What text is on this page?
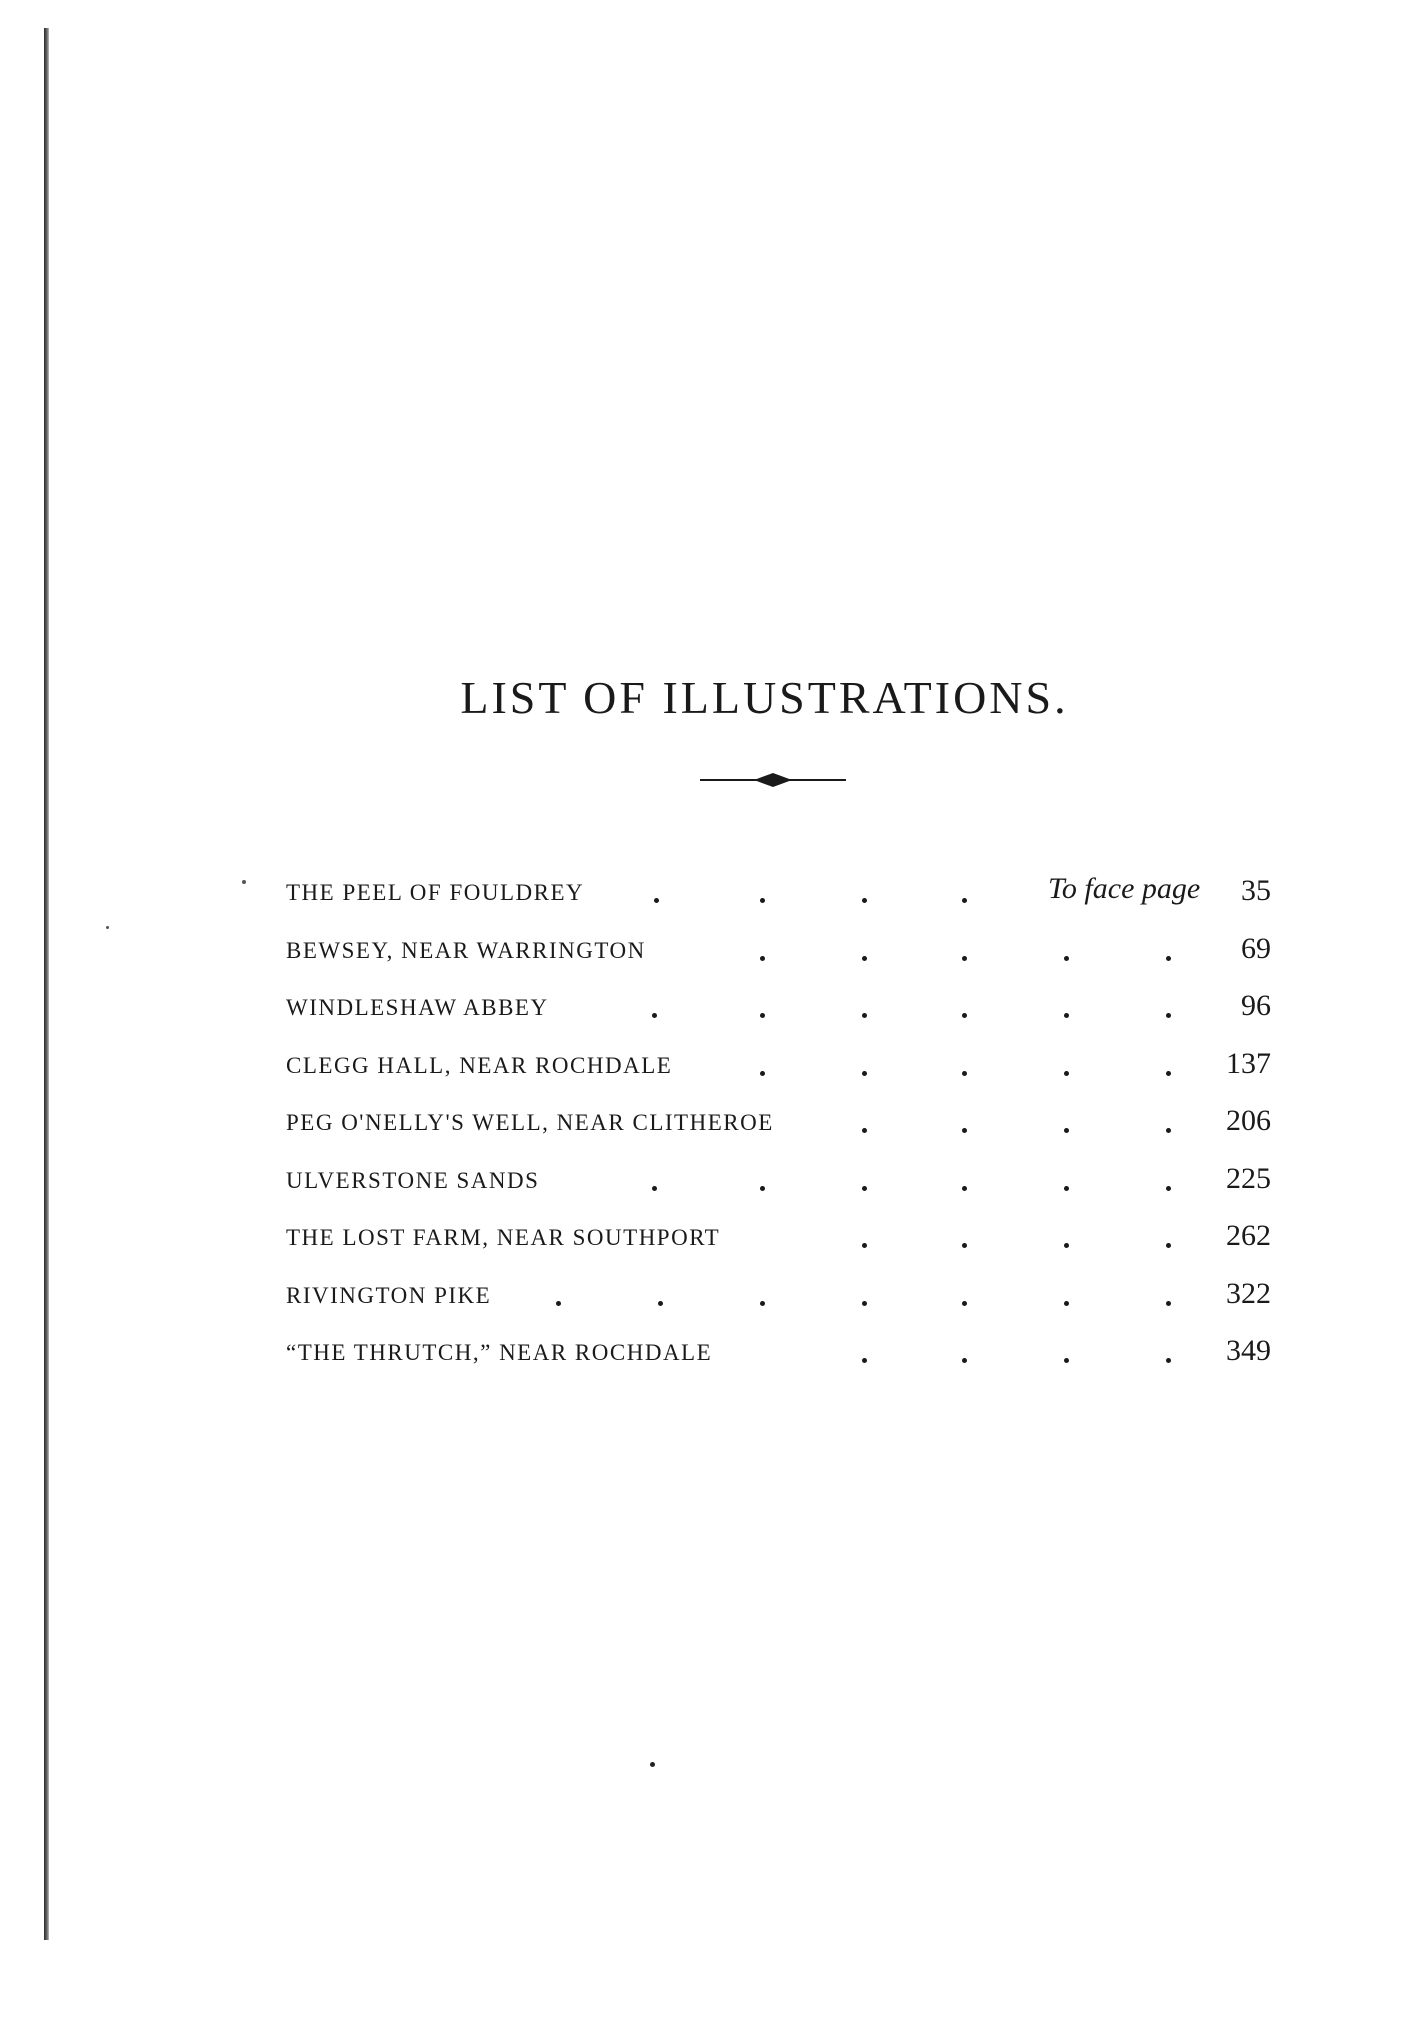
LIST OF ILLUSTRATIONS.
THE PEEL OF FOULDREY	To face page 35
BEWSEY, NEAR WARRINGTON	69
WINDLESHAW ABBEY	96
CLEGG HALL, NEAR ROCHDALE	137
PEG O'NELLY'S WELL, NEAR CLITHEROE	206
ULVERSTONE SANDS	225
THE LOST FARM, NEAR SOUTHPORT	262
RIVINGTON PIKE	322
“THE THRUTCH,” NEAR ROCHDALE	349
